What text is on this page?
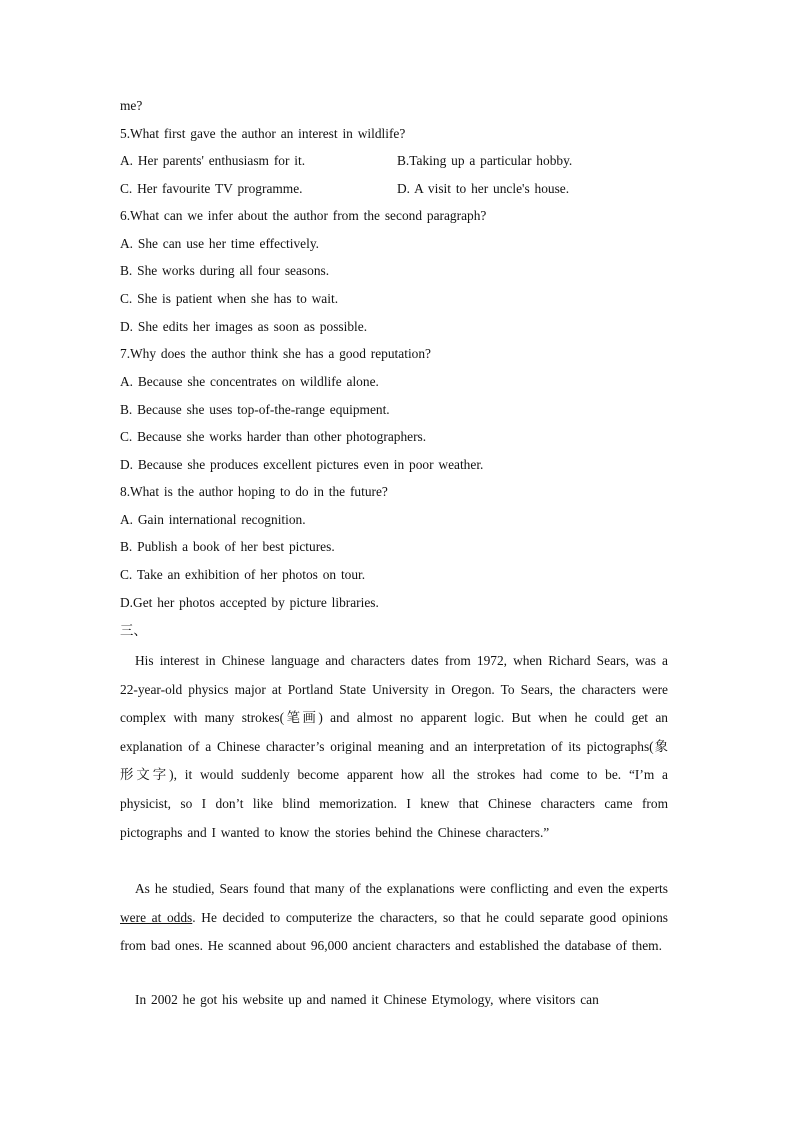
me?
5.What first gave the author an interest in wildlife?
A. Her parents' enthusiasm for it.	B.Taking up a particular hobby.
C. Her favourite TV programme.	D. A visit to her uncle's house.
6.What can we infer about the author from the second paragraph?
A. She can use her time effectively.
B. She works during all four seasons.
C. She is patient when she has to wait.
D. She edits her images as soon as possible.
7.Why does the author think she has a good reputation?
A. Because she concentrates on wildlife alone.
B. Because she uses top-of-the-range equipment.
C. Because she works harder than other photographers.
D. Because she produces excellent pictures even in poor weather.
8.What is the author hoping to do in the future?
A. Gain international recognition.
B. Publish a book of her best pictures.
C. Take an exhibition of her photos on tour.
D.Get her photos accepted by picture libraries.
三、

His interest in Chinese language and characters dates from 1972, when Richard Sears, was a 22-year-old physics major at Portland State University in Oregon. To Sears, the characters were complex with many strokes(笔画) and almost no apparent logic. But when he could get an explanation of a Chinese character’s original meaning and an interpretation of its pictographs(象形文字), it would suddenly become apparent how all the strokes had come to be. “I’m a physicist, so I don’t like blind memorization. I knew that Chinese characters came from pictographs and I wanted to know the stories behind the Chinese characters.”

As he studied, Sears found that many of the explanations were conflicting and even the experts were at odds. He decided to computerize the characters, so that he could separate good opinions from bad ones. He scanned about 96,000 ancient characters and established the database of them.

In 2002 he got his website up and named it Chinese Etymology, where visitors can
